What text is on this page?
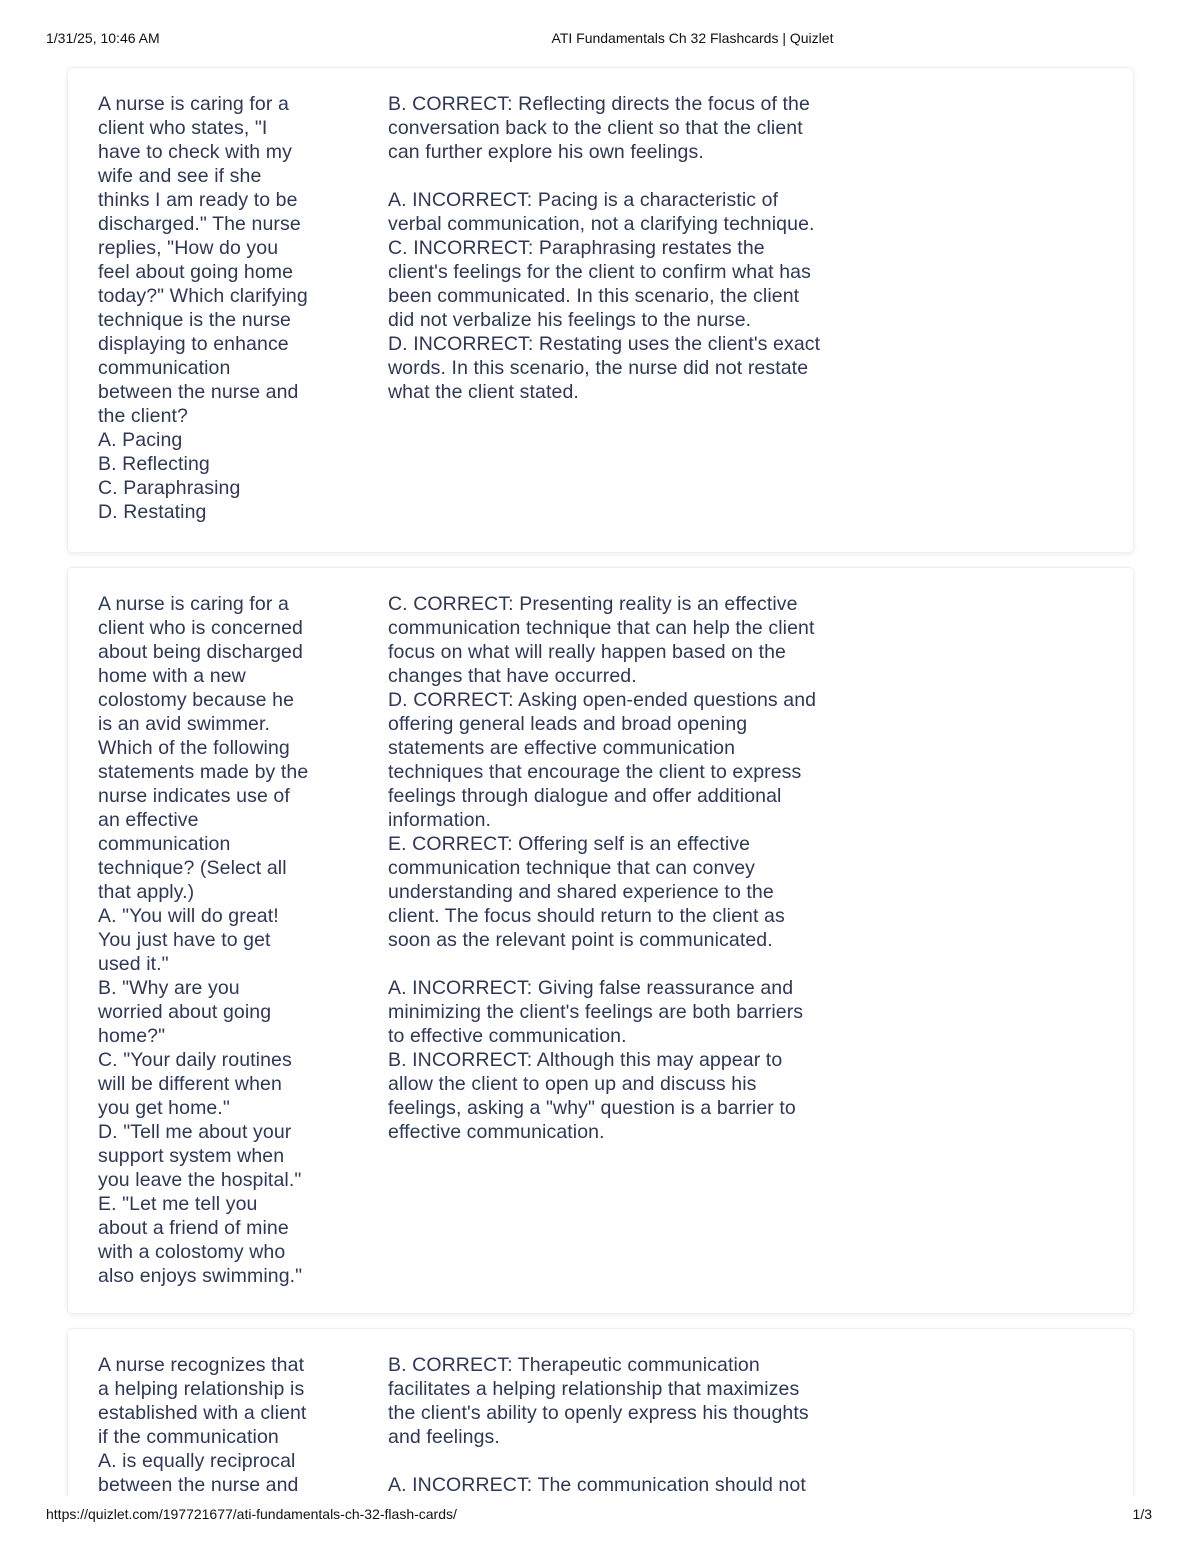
1/31/25, 10:46 AM	ATI Fundamentals Ch 32 Flashcards | Quizlet

A nurse is caring for a
client who states, "I
have to check with my
wife and see if she
thinks I am ready to be
discharged." The nurse
replies, "How do you
feel about going home
today?" Which clarifying
technique is the nurse
displaying to enhance
communication
between the nurse and
the client?
A. Pacing
B. Reflecting
C. Paraphrasing
D. Restating

B. CORRECT: Reflecting directs the focus of the
conversation back to the client so that the client
can further explore his own feelings.

A. INCORRECT: Pacing is a characteristic of
verbal communication, not a clarifying technique.
C. INCORRECT: Paraphrasing restates the
client's feelings for the client to confirm what has
been communicated. In this scenario, the client
did not verbalize his feelings to the nurse.
D. INCORRECT: Restating uses the client's exact
words. In this scenario, the nurse did not restate
what the client stated.

A nurse is caring for a
client who is concerned
about being discharged
home with a new
colostomy because he
is an avid swimmer.
Which of the following
statements made by the
nurse indicates use of
an effective
communication
technique? (Select all
that apply.)
A. "You will do great!
You just have to get
used it."
B. "Why are you
worried about going
home?"
C. "Your daily routines
will be different when
you get home."
D. "Tell me about your
support system when
you leave the hospital."
E. "Let me tell you
about a friend of mine
with a colostomy who
also enjoys swimming."

C. CORRECT: Presenting reality is an effective
communication technique that can help the client
focus on what will really happen based on the
changes that have occurred.
D. CORRECT: Asking open-ended questions and
offering general leads and broad opening
statements are effective communication
techniques that encourage the client to express
feelings through dialogue and offer additional
information.
E. CORRECT: Offering self is an effective
communication technique that can convey
understanding and shared experience to the
client. The focus should return to the client as
soon as the relevant point is communicated.

A. INCORRECT: Giving false reassurance and
minimizing the client's feelings are both barriers
to effective communication.
B. INCORRECT: Although this may appear to
allow the client to open up and discuss his
feelings, asking a "why" question is a barrier to
effective communication.

A nurse recognizes that
a helping relationship is
established with a client
if the communication
A. is equally reciprocal
between the nurse and

B. CORRECT: Therapeutic communication
facilitates a helping relationship that maximizes
the client's ability to openly express his thoughts
and feelings.

A. INCORRECT: The communication should not

https://quizlet.com/197721677/ati-fundamentals-ch-32-flash-cards/	1/3
